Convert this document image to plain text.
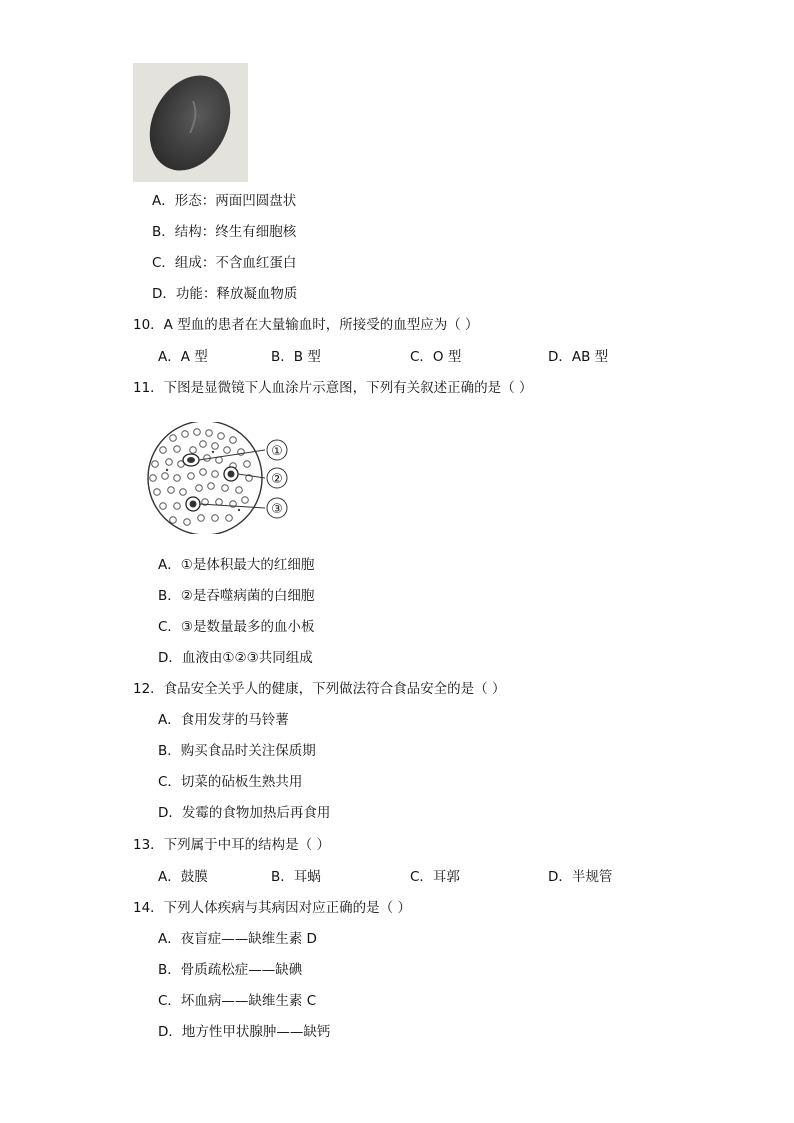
A．形态：两面凹圆盘状
B．结构：终生有细胞核
C．组成：不含血红蛋白
D．功能：释放凝血物质
10．A 型血的患者在大量输血时，所接受的血型应为（ ）
A．A 型	B．B 型	C．O 型	D．AB 型
11．下图是显微镜下人血涂片示意图，下列有关叙述正确的是（ ）
①
②
③
A．①是体积最大的红细胞
B．②是吞噬病菌的白细胞
C．③是数量最多的血小板
D．血液由①②③共同组成
12．食品安全关乎人的健康，下列做法符合食品安全的是（ ）
A．食用发芽的马铃薯
B．购买食品时关注保质期
C．切菜的砧板生熟共用
D．发霉的食物加热后再食用
13．下列属于中耳的结构是（ ）
A．鼓膜	B．耳蜗	C．耳郭	D．半规管
14．下列人体疾病与其病因对应正确的是（ ）
A．夜盲症——缺维生素 D
B．骨质疏松症——缺碘
C．坏血病——缺维生素 C
D．地方性甲状腺肿——缺钙
